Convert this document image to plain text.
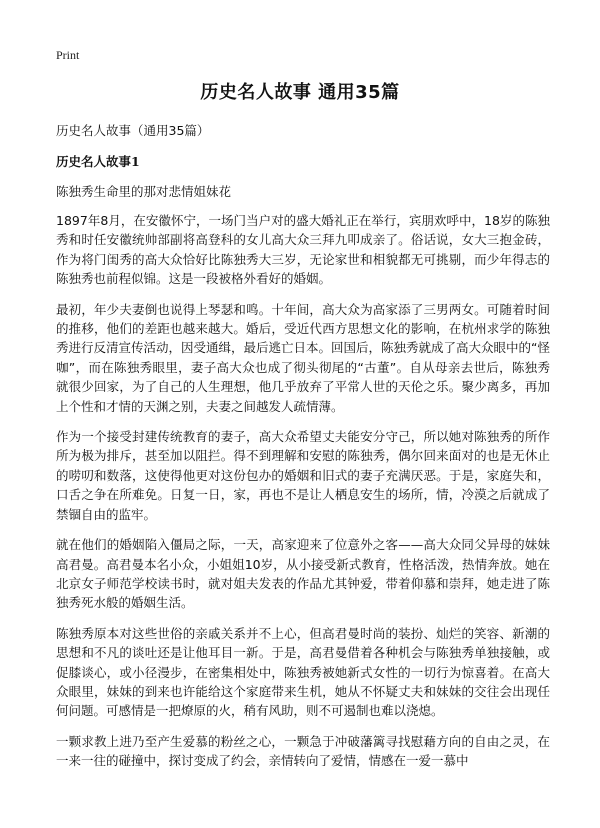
Print
历史名人故事 通用35篇
历史名人故事（通用35篇）
历史名人故事1
陈独秀生命里的那对悲情姐妹花

1897年8月，在安徽怀宁，一场门当户对的盛大婚礼正在举行，宾朋欢呼中，18岁的陈独秀和时任安徽统帅部副将高登科的女儿高大众三拜九叩成亲了。俗话说，女大三抱金砖，作为将门闺秀的高大众恰好比陈独秀大三岁，无论家世和相貌都无可挑剔，而少年得志的陈独秀也前程似锦。这是一段被格外看好的婚姻。

最初，年少夫妻倒也说得上琴瑟和鸣。十年间，高大众为高家添了三男两女。可随着时间的推移，他们的差距也越来越大。婚后，受近代西方思想文化的影响，在杭州求学的陈独秀进行反清宣传活动，因受通缉，最后逃亡日本。回国后，陈独秀就成了高大众眼中的“怪咖”，而在陈独秀眼里，妻子高大众也成了彻头彻尾的“古董”。自从母亲去世后，陈独秀就很少回家，为了自己的人生理想，他几乎放弃了平常人世的天伦之乐。聚少离多，再加上个性和才情的天渊之别，夫妻之间越发人疏情薄。

作为一个接受封建传统教育的妻子，高大众希望丈夫能安分守己，所以她对陈独秀的所作所为极为排斥，甚至加以阻拦。得不到理解和安慰的陈独秀，偶尔回来面对的也是无休止的唠叨和数落，这使得他更对这份包办的婚姻和旧式的妻子充满厌恶。于是，家庭失和，口舌之争在所难免。日复一日，家，再也不是让人栖息安生的场所，情，冷漠之后就成了禁锢自由的监牢。

就在他们的婚姻陷入僵局之际，一天，高家迎来了位意外之客——高大众同父异母的妹妹高君曼。高君曼本名小众，小姐姐10岁，从小接受新式教育，性格活泼，热情奔放。她在北京女子师范学校读书时，就对姐夫发表的作品尤其钟爱，带着仰慕和崇拜，她走进了陈独秀死水般的婚姻生活。

陈独秀原本对这些世俗的亲戚关系并不上心，但高君曼时尚的装扮、灿烂的笑容、新潮的思想和不凡的谈吐还是让他耳目一新。于是，高君曼借着各种机会与陈独秀单独接触，或促膝谈心，或小径漫步，在密集相处中，陈独秀被她新式女性的一切行为惊喜着。在高大众眼里，妹妹的到来也许能给这个家庭带来生机，她从不怀疑丈夫和妹妹的交往会出现任何问题。可感情是一把燎原的火，稍有风助，则不可遏制也难以浇熄。

一颗求教上进乃至产生爱慕的粉丝之心，一颗急于冲破藩篱寻找慰藉方向的自由之灵，在一来一往的碰撞中，探讨变成了约会，亲情转向了爱情，情感在一爱一慕中
